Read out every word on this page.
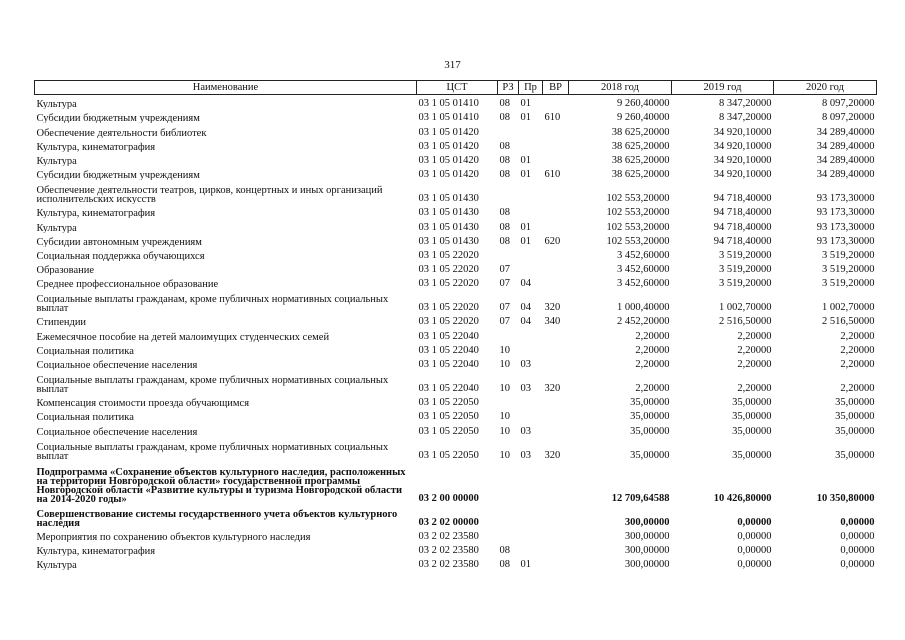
317
Наименование	ЦСТ	РЗ	Пр	ВР	2018 год	2019 год	2020 год
Культура	03 1 05 01410	08	01		9 260,40000	8 347,20000	8 097,20000
Субсидии бюджетным учреждениям	03 1 05 01410	08	01	610	9 260,40000	8 347,20000	8 097,20000
Обеспечение деятельности библиотек	03 1 05 01420				38 625,20000	34 920,10000	34 289,40000
Культура, кинематография	03 1 05 01420	08			38 625,20000	34 920,10000	34 289,40000
Культура	03 1 05 01420	08	01		38 625,20000	34 920,10000	34 289,40000
Субсидии бюджетным учреждениям	03 1 05 01420	08	01	610	38 625,20000	34 920,10000	34 289,40000
Обеспечение деятельности театров, цирков, концертных и иных организаций исполнительских искусств	03 1 05 01430				102 553,20000	94 718,40000	93 173,30000
Культура, кинематография	03 1 05 01430	08			102 553,20000	94 718,40000	93 173,30000
Культура	03 1 05 01430	08	01		102 553,20000	94 718,40000	93 173,30000
Субсидии автономным учреждениям	03 1 05 01430	08	01	620	102 553,20000	94 718,40000	93 173,30000
Социальная поддержка обучающихся	03 1 05 22020				3 452,60000	3 519,20000	3 519,20000
Образование	03 1 05 22020	07			3 452,60000	3 519,20000	3 519,20000
Среднее профессиональное образование	03 1 05 22020	07	04		3 452,60000	3 519,20000	3 519,20000
Социальные выплаты гражданам, кроме публичных нормативных социальных выплат	03 1 05 22020	07	04	320	1 000,40000	1 002,70000	1 002,70000
Стипендии	03 1 05 22020	07	04	340	2 452,20000	2 516,50000	2 516,50000
Ежемесячное пособие на детей малоимущих студенческих семей	03 1 05 22040				2,20000	2,20000	2,20000
Социальная политика	03 1 05 22040	10			2,20000	2,20000	2,20000
Социальное обеспечение населения	03 1 05 22040	10	03		2,20000	2,20000	2,20000
Социальные выплаты гражданам, кроме публичных нормативных социальных выплат	03 1 05 22040	10	03	320	2,20000	2,20000	2,20000
Компенсация стоимости проезда обучающимся	03 1 05 22050				35,00000	35,00000	35,00000
Социальная политика	03 1 05 22050	10			35,00000	35,00000	35,00000
Социальное обеспечение населения	03 1 05 22050	10	03		35,00000	35,00000	35,00000
Социальные выплаты гражданам, кроме публичных нормативных социальных выплат	03 1 05 22050	10	03	320	35,00000	35,00000	35,00000
Подпрограмма «Сохранение объектов культурного наследия, расположенных на территории Новгородской области» государственной программы Новгородской области «Развитие культуры и туризма Новгородской области на 2014-2020 годы»	03 2 00 00000				12 709,64588	10 426,80000	10 350,80000
Совершенствование системы государственного учета объектов культурного наследия	03 2 02 00000				300,00000	0,00000	0,00000
Мероприятия по сохранению объектов культурного наследия	03 2 02 23580				300,00000	0,00000	0,00000
Культура, кинематография	03 2 02 23580	08			300,00000	0,00000	0,00000
Культура	03 2 02 23580	08	01		300,00000	0,00000	0,00000
